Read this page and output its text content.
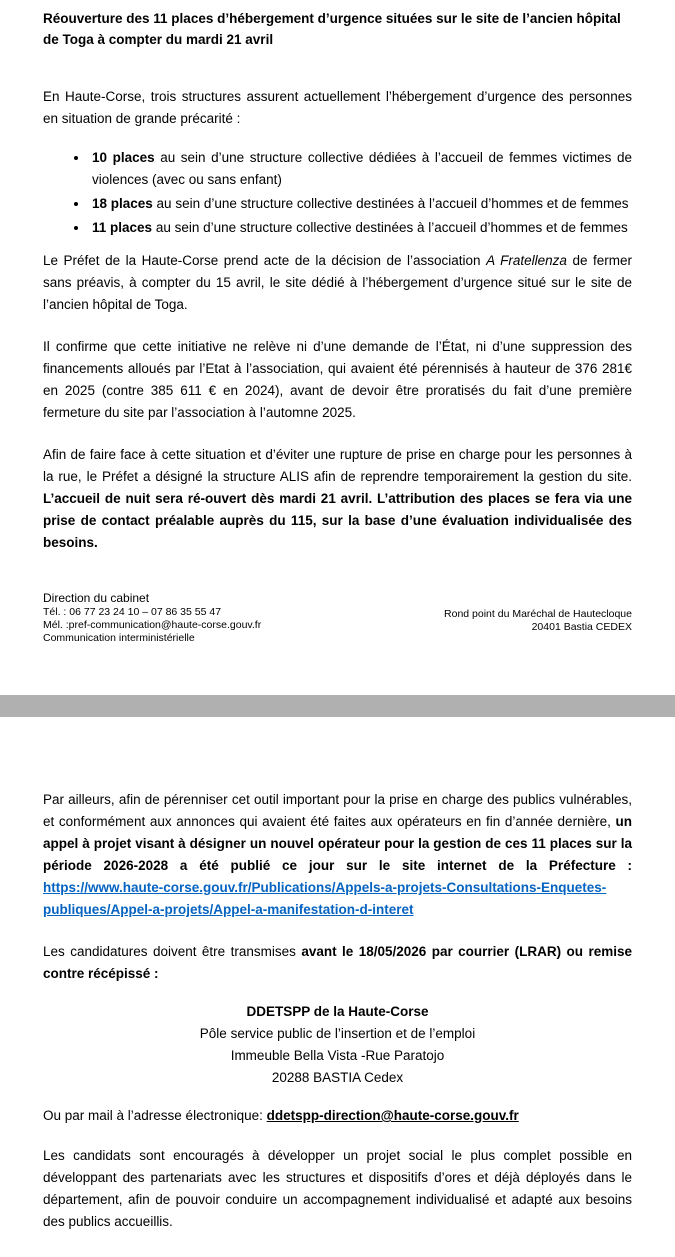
Réouverture des 11 places d’hébergement d’urgence situées sur le site de l’ancien hôpital de Toga à compter du mardi 21 avril

En Haute-Corse, trois structures assurent actuellement l’hébergement d’urgence des personnes en situation de grande précarité :

• 10 places au sein d’une structure collective dédiées à l’accueil de femmes victimes de violences (avec ou sans enfant)
• 18 places au sein d’une structure collective destinées à l’accueil d’hommes et de femmes
• 11 places au sein d’une structure collective destinées à l’accueil d’hommes et de femmes

Le Préfet de la Haute-Corse prend acte de la décision de l’association A Fratellenza de fermer sans préavis, à compter du 15 avril, le site dédié à l’hébergement d’urgence situé sur le site de l’ancien hôpital de Toga.

Il confirme que cette initiative ne relève ni d’une demande de l’État, ni d’une suppression des financements alloués par l’Etat à l’association, qui avaient été pérennisés à hauteur de 376 281€ en 2025 (contre 385 611 € en 2024), avant de devoir être proratisés du fait d’une première fermeture du site par l’association à l’automne 2025.

Afin de faire face à cette situation et d’éviter une rupture de prise en charge pour les personnes à la rue, le Préfet a désigné la structure ALIS afin de reprendre temporairement la gestion du site. L’accueil de nuit sera ré-ouvert dès mardi 21 avril. L’attribution des places se fera via une prise de contact préalable auprès du 115, sur la base d’une évaluation individualisée des besoins.

Direction du cabinet
Tél. : 06 77 23 24 10 – 07 86 35 55 47
Mél. :pref-communication@haute-corse.gouv.fr
Communication interministérielle
Rond point du Maréchal de Hautecloque
20401 Bastia CEDEX

Par ailleurs, afin de pérenniser cet outil important pour la prise en charge des publics vulnérables, et conformément aux annonces qui avaient été faites aux opérateurs en fin d’année dernière, un appel à projet visant à désigner un nouvel opérateur pour la gestion de ces 11 places sur la période 2026-2028 a été publié ce jour sur le site internet de la Préfecture : https://www.haute-corse.gouv.fr/Publications/Appels-a-projets-Consultations-Enquetes-publiques/Appel-a-projets/Appel-a-manifestation-d-interet

Les candidatures doivent être transmises avant le 18/05/2026 par courrier (LRAR) ou remise contre récépissé :

DDETSPP de la Haute-Corse
Pôle service public de l’insertion et de l’emploi
Immeuble Bella Vista -Rue Paratojo
20288 BASTIA Cedex

Ou par mail à l’adresse électronique: ddetspp-direction@haute-corse.gouv.fr

Les candidats sont encouragés à développer un projet social le plus complet possible en développant des partenariats avec les structures et dispositifs d’ores et déjà déployés dans le département, afin de pouvoir conduire un accompagnement individualisé et adapté aux besoins des publics accueillis.
